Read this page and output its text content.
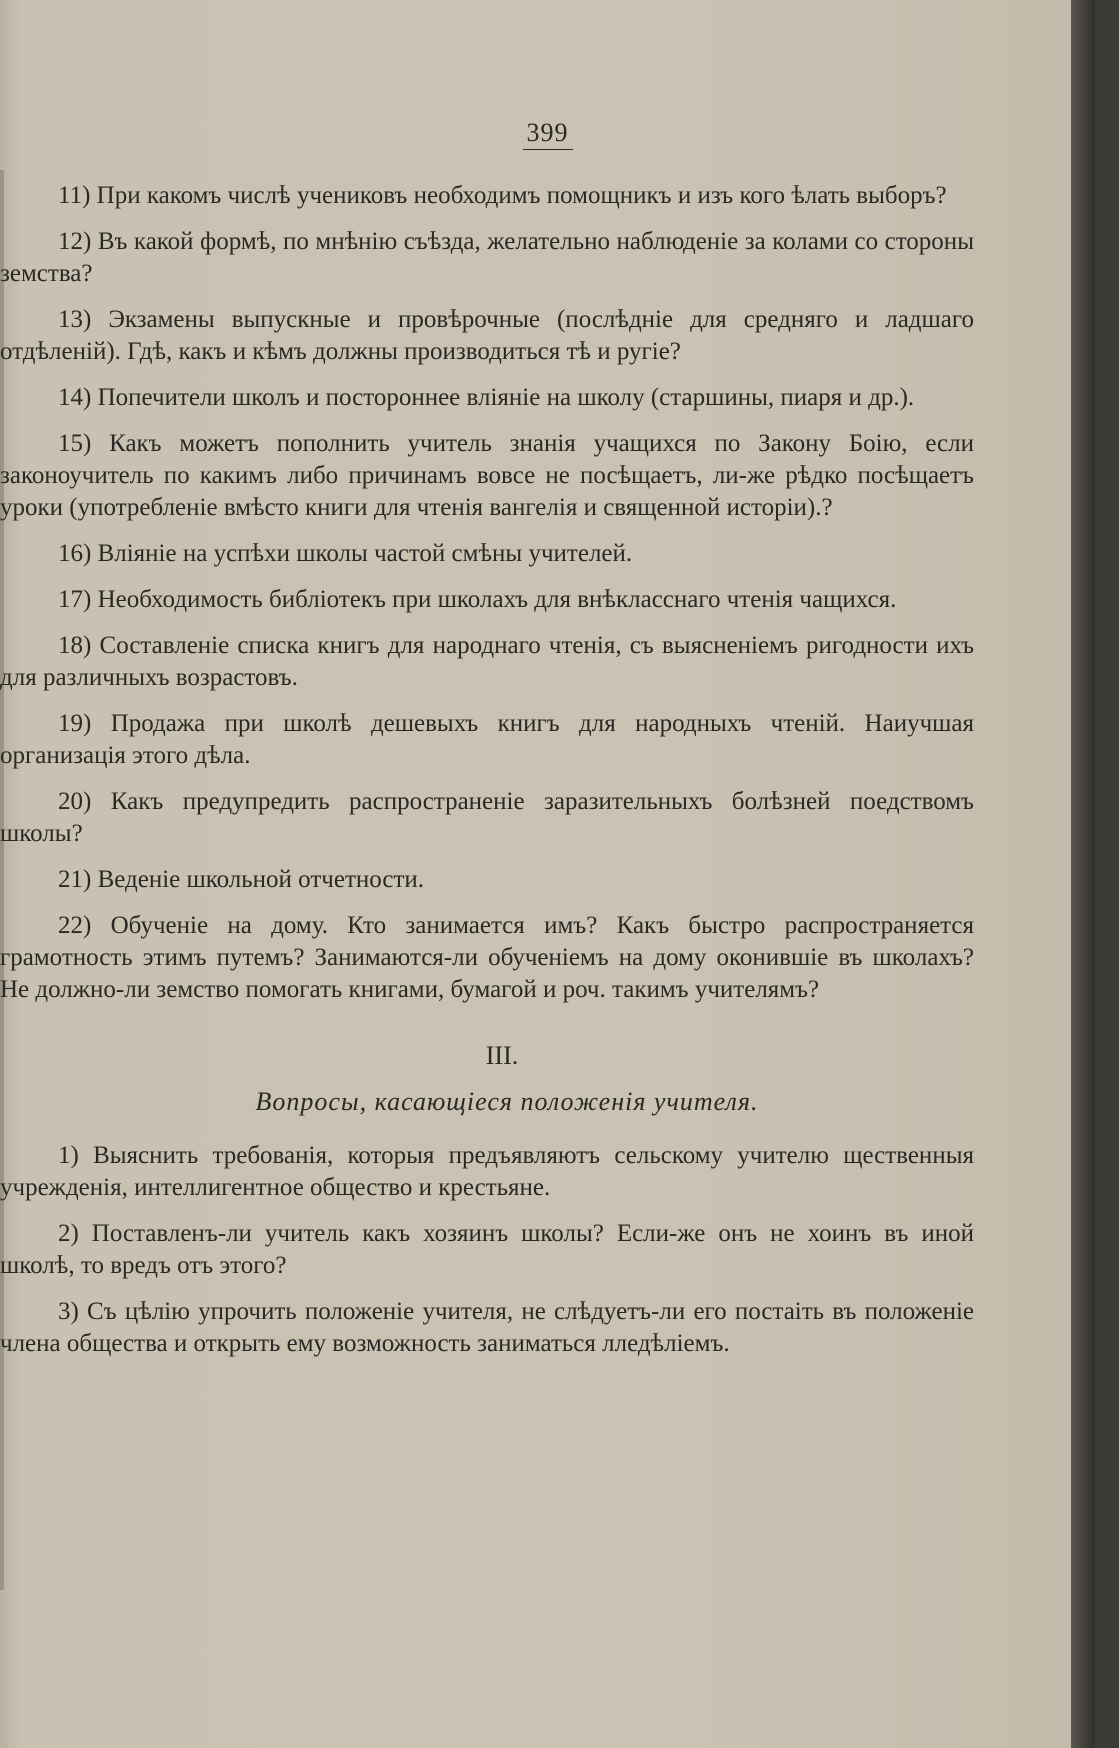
399

11) При какомъ числѣ учениковъ необходимъ помощникъ и изъ кого ѣлать выборъ?

12) Въ какой формѣ, по мнѣнію съѣзда, желательно наблюденіе за колами со стороны земства?

13) Экзамены выпускные и провѣрочные (послѣдніе для средняго и ладшаго отдѣленій). Гдѣ, какъ и кѣмъ должны производиться тѣ и ругіе?

14) Попечители школъ и постороннее вліяніе на школу (старшины, пиаря и др.).

15) Какъ можетъ пополнить учитель знанія учащихся по Закону Боію, если законоучитель по какимъ либо причинамъ вовсе не посѣщаетъ, ли-же рѣдко посѣщаетъ уроки (употребленіе вмѣсто книги для чтенія вангелія и священной исторіи).?

16) Вліяніе на успѣхи школы частой смѣны учителей.

17) Необходимость библіотекъ при школахъ для внѣкласснаго чтенія чащихся.

18) Составленіе списка книгъ для народнаго чтенія, съ выясненіемъ ригодности ихъ для различныхъ возрастовъ.

19) Продажа при школѣ дешевыхъ книгъ для народныхъ чтеній. Наиучшая организація этого дѣла.

20) Какъ предупредить распространеніе заразительныхъ болѣзней поедствомъ школы?

21) Веденіе школьной отчетности.

22) Обученіе на дому. Кто занимается имъ? Какъ быстро распространяется грамотность этимъ путемъ? Занимаются-ли обученіемъ на дому оконившіе въ школахъ? Не должно-ли земство помогать книгами, бумагой и роч. такимъ учителямъ?

III.
Вопросы, касающіеся положенія учителя.

1) Выяснить требованія, которыя предъявляютъ сельскому учителю щественныя учрежденія, интеллигентное общество и крестьяне.

2) Поставленъ-ли учитель какъ хозяинъ школы? Если-же онъ не хоинъ въ иной школѣ, то вредъ отъ этого?

3) Съ цѣлію упрочить положеніе учителя, не слѣдуетъ-ли его постаіть въ положеніе члена общества и открыть ему возможность заниматься лледѣліемъ.
